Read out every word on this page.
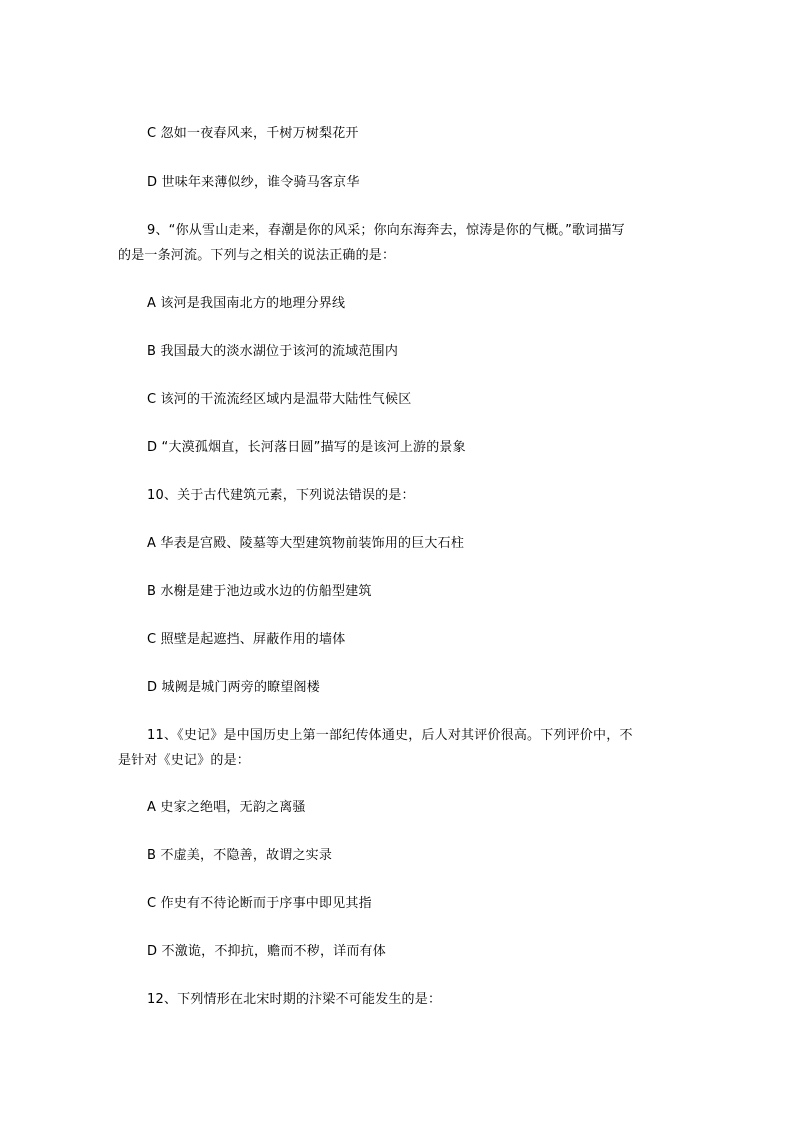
C 忽如一夜春风来，千树万树梨花开
D 世味年来薄似纱，谁令骑马客京华
9、“你从雪山走来，春潮是你的风采；你向东海奔去，惊涛是你的气概。”歌词描写
的是一条河流。下列与之相关的说法正确的是：
A 该河是我国南北方的地理分界线
B 我国最大的淡水湖位于该河的流域范围内
C 该河的干流流经区域内是温带大陆性气候区
D “大漠孤烟直，长河落日圆”描写的是该河上游的景象
10、关于古代建筑元素，下列说法错误的是：
A 华表是宫殿、陵墓等大型建筑物前装饰用的巨大石柱
B 水榭是建于池边或水边的仿船型建筑
C 照壁是起遮挡、屏蔽作用的墙体
D 城阙是城门两旁的瞭望阁楼
11、《史记》是中国历史上第一部纪传体通史，后人对其评价很高。下列评价中，不
是针对《史记》的是：
A 史家之绝唱，无韵之离骚
B 不虚美，不隐善，故谓之实录
C 作史有不待论断而于序事中即见其指
D 不激诡，不抑抗，赡而不秽，详而有体
12、下列情形在北宋时期的汴梁不可能发生的是：
